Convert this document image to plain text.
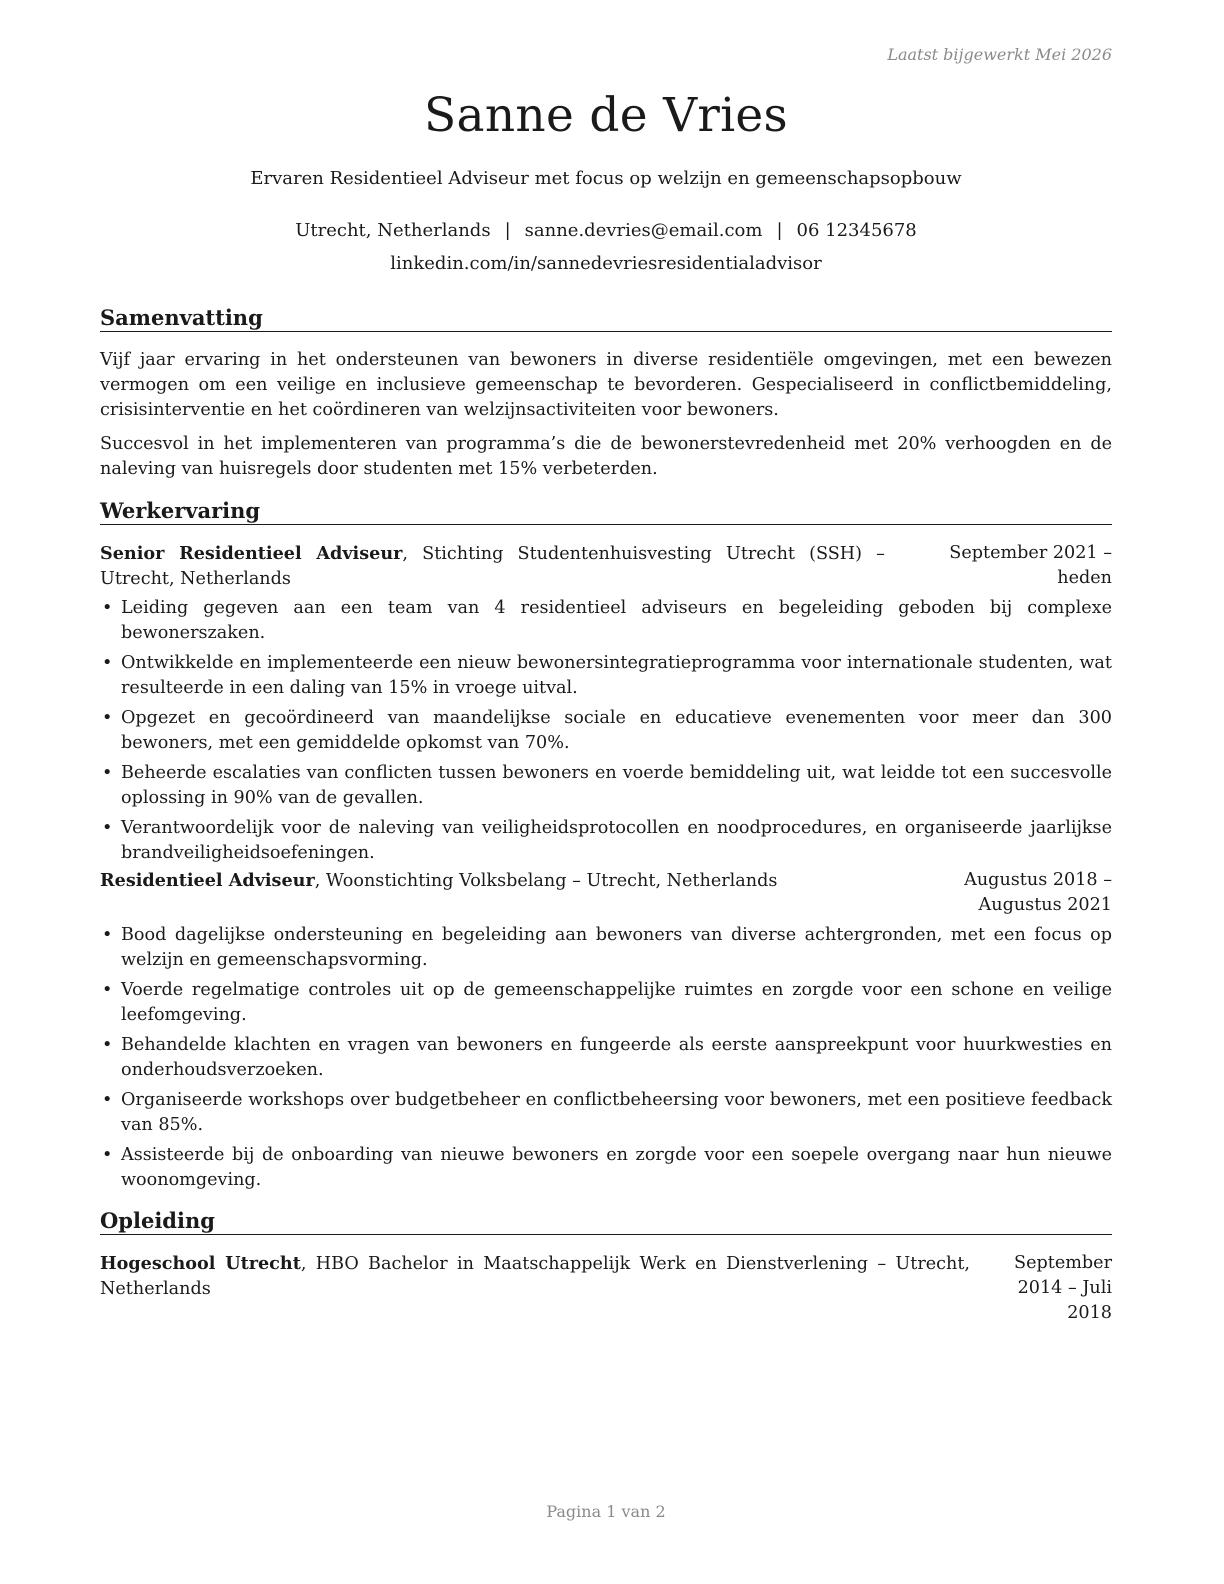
Laatst bijgewerkt Mei 2026
Sanne de Vries
Ervaren Residentieel Adviseur met focus op welzijn en gemeenschapsopbouw
Utrecht, Netherlands | sanne.devries@email.com | 06 12345678
linkedin.com/in/sannedevriesresidentialadvisor
Samenvatting
Vijf jaar ervaring in het ondersteunen van bewoners in diverse residentiële omgevingen, met een bewezen vermogen om een veilige en inclusieve gemeenschap te bevorderen. Gespecialiseerd in conflictbemiddeling, crisisinterventie en het coördineren van welzijnsactiviteiten voor bewoners.
Succesvol in het implementeren van programma’s die de bewonerstevredenheid met 20% verhoogden en de naleving van huisregels door studenten met 15% verbeterden.
Werkervaring
Senior Residentieel Adviseur, Stichting Studentenhuisvesting Utrecht (SSH) – Utrecht, Netherlands
September 2021 – heden
• Leiding gegeven aan een team van 4 residentieel adviseurs en begeleiding geboden bij complexe bewonerszaken.
• Ontwikkelde en implementeerde een nieuw bewonersintegratieprogramma voor internationale studenten, wat resulteerde in een daling van 15% in vroege uitval.
• Opgezet en gecoördineerd van maandelijkse sociale en educatieve evenementen voor meer dan 300 bewoners, met een gemiddelde opkomst van 70%.
• Beheerde escalaties van conflicten tussen bewoners en voerde bemiddeling uit, wat leidde tot een succesvolle oplossing in 90% van de gevallen.
• Verantwoordelijk voor de naleving van veiligheidsprotocollen en noodprocedures, en organiseerde jaarlijkse brandveiligheidsoefeningen.
Residentieel Adviseur, Woonstichting Volksbelang – Utrecht, Netherlands	Augustus 2018 – Augustus 2021
• Bood dagelijkse ondersteuning en begeleiding aan bewoners van diverse achtergronden, met een focus op welzijn en gemeenschapsvorming.
• Voerde regelmatige controles uit op de gemeenschappelijke ruimtes en zorgde voor een schone en veilige leefomgeving.
• Behandelde klachten en vragen van bewoners en fungeerde als eerste aanspreekpunt voor huurkwesties en onderhoudsverzoeken.
• Organiseerde workshops over budgetbeheer en conflictbeheersing voor bewoners, met een positieve feedback van 85%.
• Assisteerde bij de onboarding van nieuwe bewoners en zorgde voor een soepele overgang naar hun nieuwe woonomgeving.
Opleiding
Hogeschool Utrecht, HBO Bachelor in Maatschappelijk Werk en Dienstverlening – Utrecht, Netherlands
September 2014 – Juli 2018
Pagina 1 van 2
